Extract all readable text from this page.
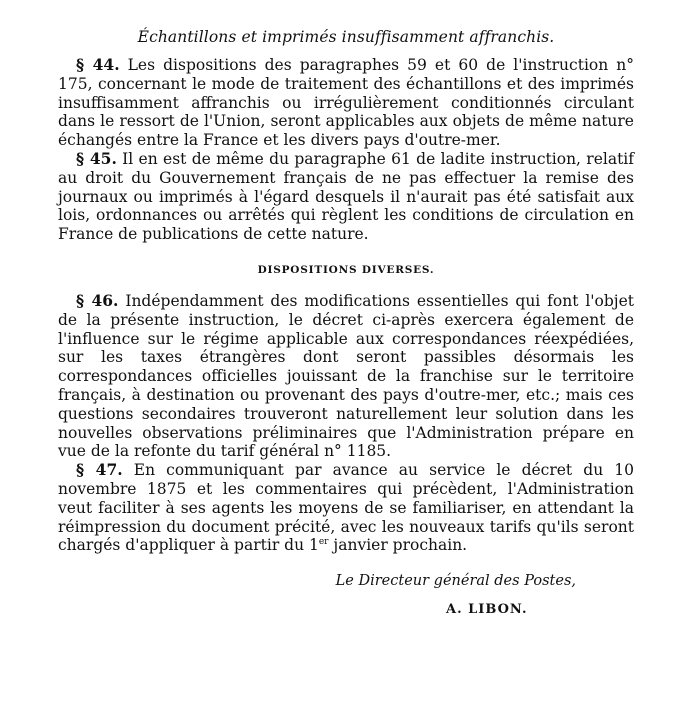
Échantillons et imprimés insuffisamment affranchis.

§ 44. Les dispositions des paragraphes 59 et 60 de l'instruction n° 175, concernant le mode de traitement des échantillons et des imprimés insuffisamment affranchis ou irrégulièrement conditionnés circulant dans le ressort de l'Union, seront applicables aux objets de même nature échangés entre la France et les divers pays d'outre-mer.

§ 45. Il en est de même du paragraphe 61 de ladite instruction, relatif au droit du Gouvernement français de ne pas effectuer la remise des journaux ou imprimés à l'égard desquels il n'aurait pas été satisfait aux lois, ordonnances ou arrêtés qui règlent les conditions de circulation en France de publications de cette nature.

DISPOSITIONS DIVERSES.

§ 46. Indépendamment des modifications essentielles qui font l'objet de la présente instruction, le décret ci-après exercera également de l'influence sur le régime applicable aux correspondances réexpédiées, sur les taxes étrangères dont seront passibles désormais les correspondances officielles jouissant de la franchise sur le territoire français, à destination ou provenant des pays d'outre-mer, etc.; mais ces questions secondaires trouveront naturellement leur solution dans les nouvelles observations préliminaires que l'Administration prépare en vue de la refonte du tarif général n° 1185.

§ 47. En communiquant par avance au service le décret du 10 novembre 1875 et les commentaires qui précèdent, l'Administration veut faciliter à ses agents les moyens de se familiariser, en attendant la réimpression du document précité, avec les nouveaux tarifs qu'ils seront chargés d'appliquer à partir du 1er janvier prochain.

Le Directeur général des Postes,
A. LIBON.
